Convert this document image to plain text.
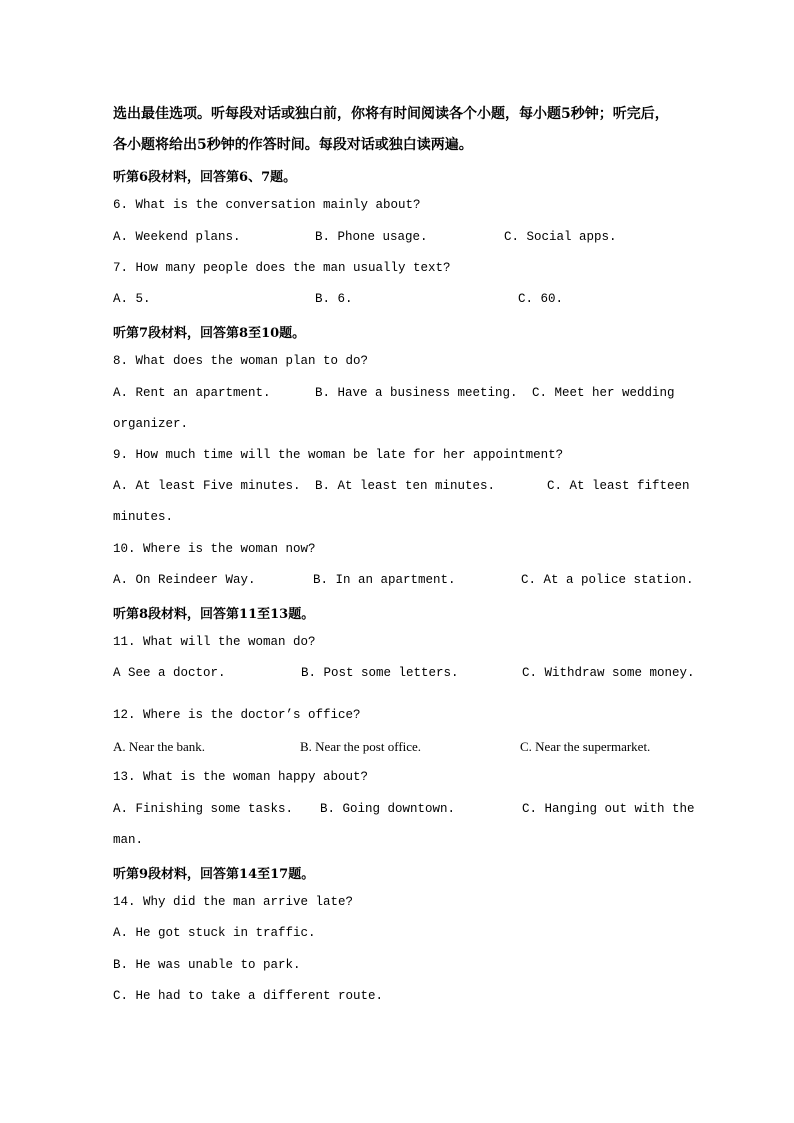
选出最佳选项。听每段对话或独白前，你将有时间阅读各个小题，每小题5秒钟；听完后，
各小题将给出5秒钟的作答时间。每段对话或独白读两遍。
听第6段材料，回答第6、7题。
6. What is the conversation mainly about?
A. Weekend plans.	B. Phone usage.	C. Social apps.
7. How many people does the man usually text?
A. 5.	B. 6.	C. 60.
听第7段材料，回答第8至10题。
8. What does the woman plan to do?
A. Rent an apartment.	B. Have a business meeting. C. Meet her wedding
organizer.
9. How much time will the woman be late for her appointment?
A. At least Five minutes. B. At least ten minutes.	C. At least fifteen
minutes.
10. Where is the woman now?
A. On Reindeer Way.	B. In an apartment.	C. At a police station.
听第8段材料，回答第11至13题。
11. What will the woman do?
A See a doctor.	B. Post some letters.	C. Withdraw some money.
12. Where is the doctor’s office?
A. Near the bank.	B. Near the post office.	C. Near the supermarket.
13. What is the woman happy about?
A. Finishing some tasks. B. Going downtown.	C. Hanging out with the
man.
听第9段材料，回答第14至17题。
14. Why did the man arrive late?
A. He got stuck in traffic.
B. He was unable to park.
C. He had to take a different route.
